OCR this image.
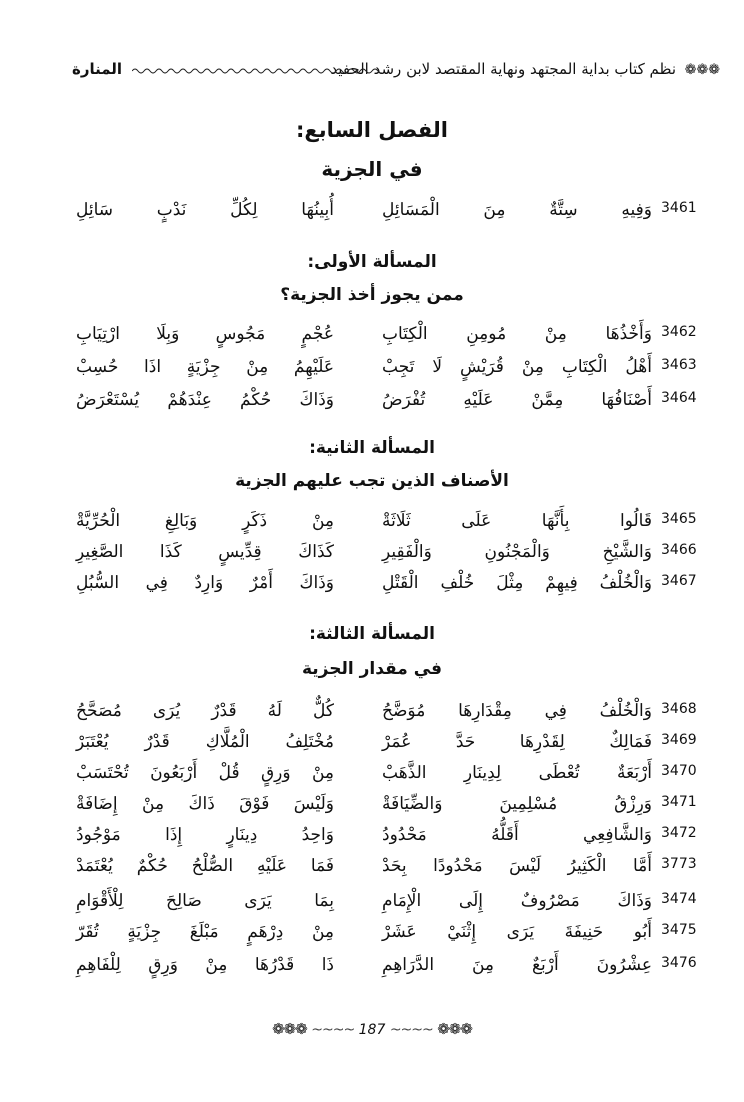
❁❁❁ نظم كتاب بداية المجتهد ونهاية المقتصد لابن رشد الحفيد
المنارة
الفصل السابع:
في الجزية
3461
وَفِيهِ سِتَّةٌ مِنَ الْمَسَائِلِ
أُبِينُهَا لِكُلِّ نَدْبٍ سَائِلِ
المسألة الأولى:
ممن يجوز أخذ الجزية؟
3462
وَأَخْذُهَا مِنْ مُومِنِ الْكِتَابِ
عُجْمٍ مَجُوسٍ وَبِلَا ارْتِيَابِ
3463
أَهْلُ الْكِتَابِ مِنْ قُرَيْشٍ لَا تَجِبْ
عَلَيْهِمُ مِنْ جِزْيَةٍ اذَا حُسِبْ
3464
أَصْنَافُهَا مِمَّنْ عَلَيْهِ تُفْرَضُ
وَذَاكَ حُكْمُ عِنْدَهُمْ يُسْتَعْرَضُ
المسألة الثانية:
الأصناف الذين تجب عليهم الجزية
3465
قَالُوا بِأَنَّهَا عَلَى ثَلَاثَةْ
مِنْ ذَكَرٍ وَبَالِغِ الْحُرِّيَّةْ
3466
وَالشَّيْخِ وَالْمَجْنُونِ وَالْفَقِيرِ
كَذَاكَ قِدِّيسٍ كَذَا الصَّغِيرِ
3467
وَالْخُلْفُ فِيهِمْ مِثْلَ خُلْفِ الْقَتْلِ
وَذَاكَ أَمْرٌ وَارِدٌ فِي السُّبُلِ
المسألة الثالثة:
في مقدار الجزية
3468
وَالْخُلْفُ فِي مِقْدَارِهَا مُوَضَّحُ
كُلٌّ لَهُ قَدْرٌ يُرَى مُصَحَّحُ
3469
فَمَالِكٌ لِقَدْرِهَا حَدَّ عُمَرْ
مُخْتَلِفُ الْمُلَّاكِ قَدْرٌ يُعْتَبَرْ
3470
أَرْبَعَةٌ تُعْطَى لِدِينَارِ الذَّهَبْ
مِنْ وَرِقٍ قُلْ أَرْبَعُونَ تُحْتَسَبْ
3471
وَرِزْقُ مُسْلِمِينَ وَالضِّيَافَةْ
وَلَيْسَ فَوْقَ ذَاكَ مِنْ إِضَافَةْ
3472
وَالشَّافِعِي أَقَلُّهُ مَحْدُودُ
وَاحِدُ دِينَارٍ إِذَا مَوْجُودُ
3773
أَمَّا الْكَثِيرُ لَيْسَ مَحْدُودًا بِحَدْ
فَمَا عَلَيْهِ الصُّلْحُ حُكْمٌ يُعْتَمَدْ
3474
وَذَاكَ مَصْرُوفٌ إِلَى الْإِمَامِ
بِمَا يَرَى صَالِحَ لِلْأَقْوَامِ
3475
أَبُو حَنِيفَةَ يَرَى إِثْنَيْ عَشَرْ
مِنْ دِرْهَمٍ مَبْلَغَ جِزْيَةٍ تُقَرّ
3476
عِشْرُونَ أَرْبَعٌ مِنَ الدَّرَاهِمِ
ذَا قَدْرُهَا مِنْ وَرِقٍ لِلْفَاهِمِ
❁❁❁ ~~~~ 187 ~~~~ ❁❁❁
